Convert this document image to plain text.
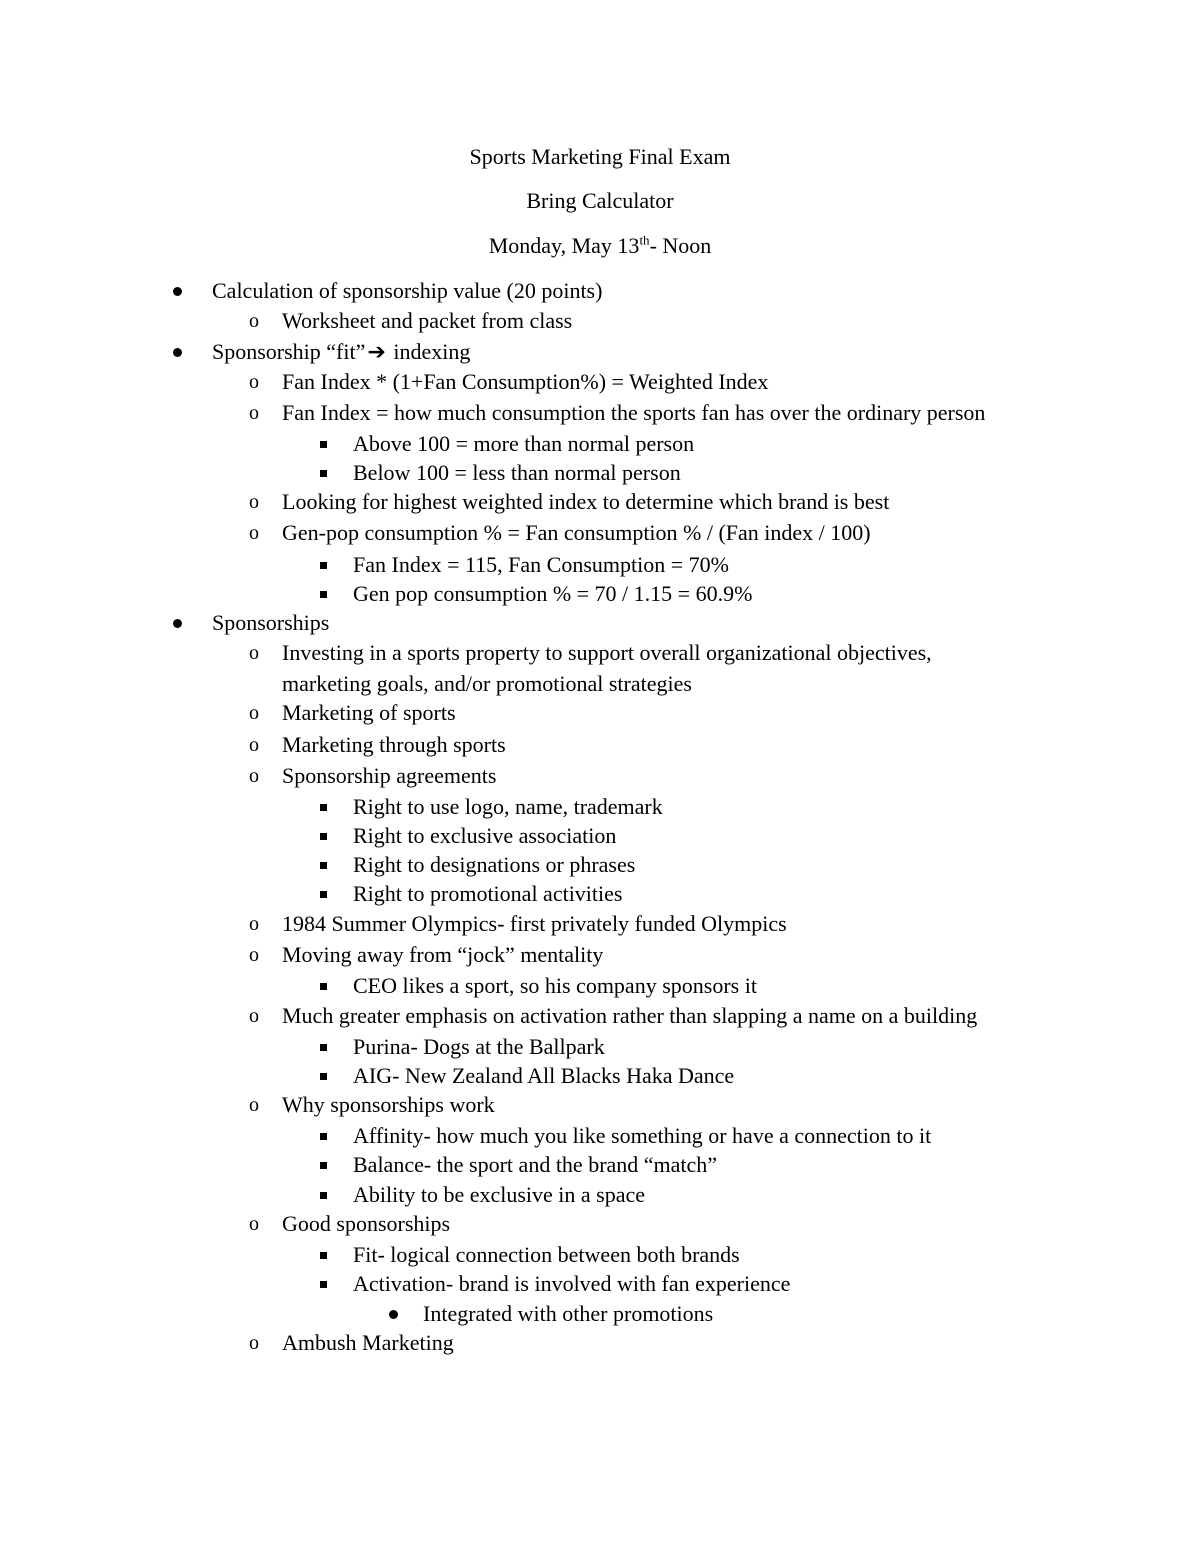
Sports Marketing Final Exam
Bring Calculator
Monday, May 13th- Noon
Calculation of sponsorship value (20 points)
o Worksheet and packet from class
Sponsorship “fit”➔ indexing
o Fan Index * (1+Fan Consumption%) = Weighted Index
o Fan Index = how much consumption the sports fan has over the ordinary person
Above 100 = more than normal person
Below 100 = less than normal person
o Looking for highest weighted index to determine which brand is best
o Gen-pop consumption % = Fan consumption % / (Fan index / 100)
Fan Index = 115, Fan Consumption = 70%
Gen pop consumption % = 70 / 1.15 = 60.9%
Sponsorships
o Investing in a sports property to support overall organizational objectives,
marketing goals, and/or promotional strategies
o Marketing of sports
o Marketing through sports
o Sponsorship agreements
Right to use logo, name, trademark
Right to exclusive association
Right to designations or phrases
Right to promotional activities
o 1984 Summer Olympics- first privately funded Olympics
o Moving away from “jock” mentality
CEO likes a sport, so his company sponsors it
o Much greater emphasis on activation rather than slapping a name on a building
Purina- Dogs at the Ballpark
AIG- New Zealand All Blacks Haka Dance
o Why sponsorships work
Affinity- how much you like something or have a connection to it
Balance- the sport and the brand “match”
Ability to be exclusive in a space
o Good sponsorships
Fit- logical connection between both brands
Activation- brand is involved with fan experience
Integrated with other promotions
o Ambush Marketing
